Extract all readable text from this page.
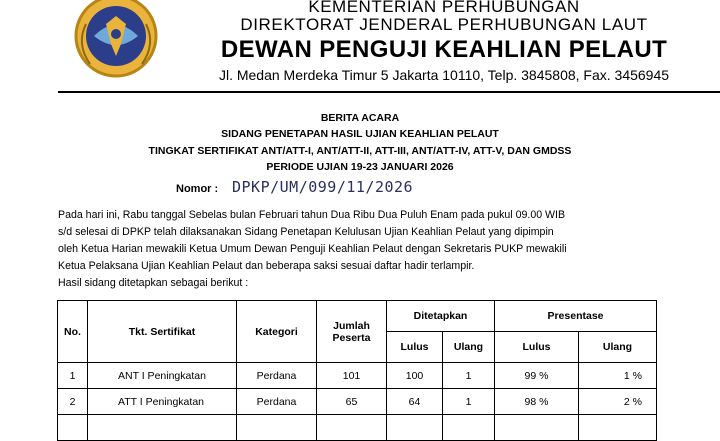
KEMENTERIAN PERHUBUNGAN
DIREKTORAT JENDERAL PERHUBUNGAN LAUT
DEWAN PENGUJI KEAHLIAN PELAUT
Jl. Medan Merdeka Timur 5 Jakarta 10110, Telp. 3845808, Fax. 3456945
BERITA ACARA
SIDANG PENETAPAN HASIL UJIAN KEAHLIAN PELAUT
TINGKAT SERTIFIKAT ANT/ATT-I, ANT/ATT-II, ATT-III, ANT/ATT-IV, ATT-V, DAN GMDSS
PERIODE UJIAN 19-23 JANUARI 2026
Nomor : DPKP/UM/099/11/2026
Pada hari ini, Rabu tanggal Sebelas bulan Februari tahun Dua Ribu Dua Puluh Enam pada pukul 09.00 WIB
s/d selesai di DPKP telah dilaksanakan Sidang Penetapan Kelulusan Ujian Keahlian Pelaut yang dipimpin
oleh Ketua Harian mewakili Ketua Umum Dewan Penguji Keahlian Pelaut dengan Sekretaris PUKP mewakili
Ketua Pelaksana Ujian Keahlian Pelaut dan beberapa saksi sesuai daftar hadir terlampir.
Hasil sidang ditetapkan sebagai berikut :
No.	Tkt. Sertifikat	Kategori	Jumlah Peserta	Ditetapkan		Presentase	
				Lulus	Ulang	Lulus	Ulang
1	ANT I Peningkatan	Perdana	101	100	1	99 %	1 %
2	ATT I Peningkatan	Perdana	65	64	1	98 %	2 %
